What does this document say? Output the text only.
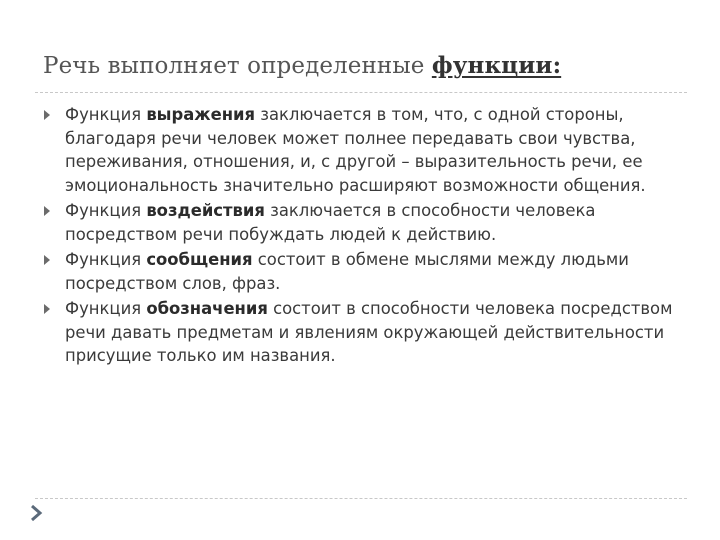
Речь выполняет определенные функции:
Функция выражения заключается в том, что, с одной стороны, благодаря речи человек может полнее передавать свои чувства, переживания, отношения, и, с другой – выразительность речи, ее эмоциональность значительно расширяют возможности общения.
Функция воздействия заключается в способности человека посредством речи побуждать людей к действию.
Функция сообщения состоит в обмене мыслями между людьми посредством слов, фраз.
Функция обозначения состоит в способности человека посредством речи давать предметам и явлениям окружающей действительности присущие только им названия.
